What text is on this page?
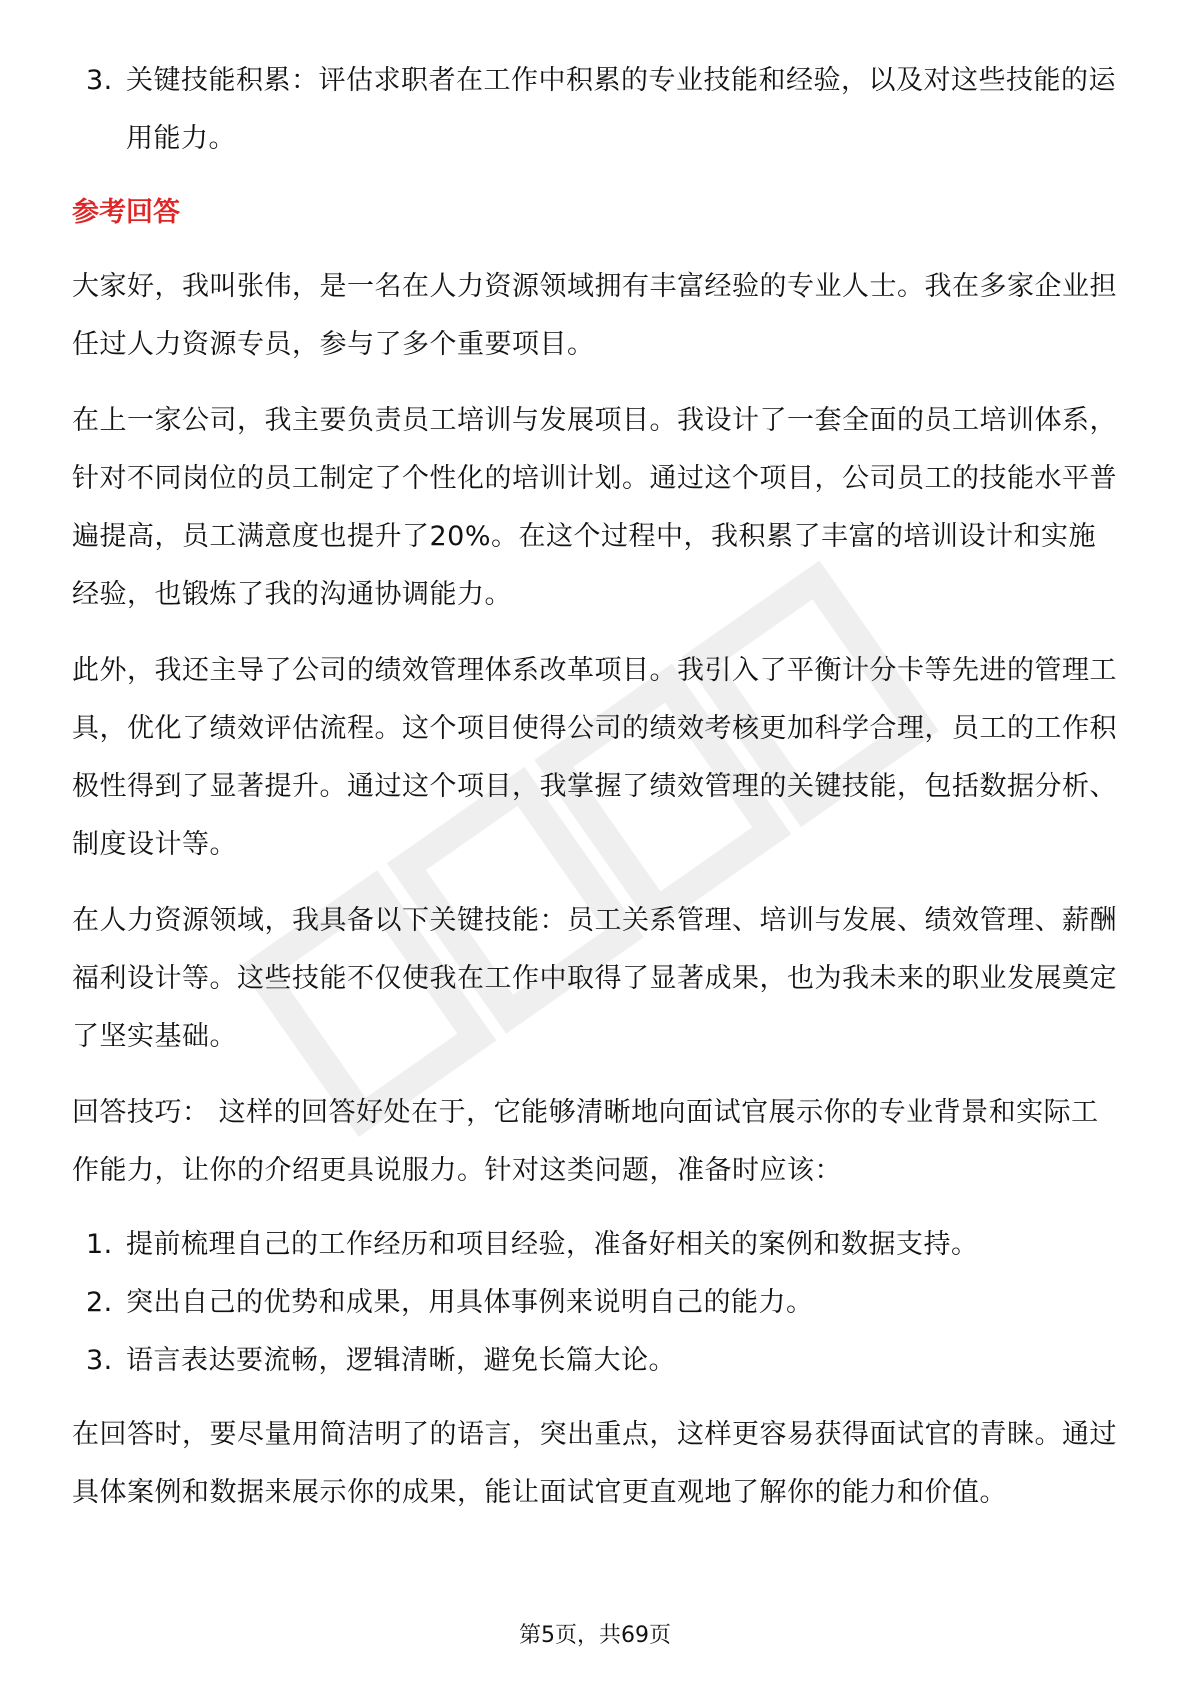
3. 关键技能积累：评估求职者在工作中积累的专业技能和经验，以及对这些技能的运用能力。

参考回答

大家好，我叫张伟，是一名在人力资源领域拥有丰富经验的专业人士。我在多家企业担任过人力资源专员，参与了多个重要项目。

在上一家公司，我主要负责员工培训与发展项目。我设计了一套全面的员工培训体系，针对不同岗位的员工制定了个性化的培训计划。通过这个项目，公司员工的技能水平普遍提高，员工满意度也提升了20%。在这个过程中，我积累了丰富的培训设计和实施经验，也锻炼了我的沟通协调能力。

此外，我还主导了公司的绩效管理体系改革项目。我引入了平衡计分卡等先进的管理工具，优化了绩效评估流程。这个项目使得公司的绩效考核更加科学合理，员工的工作积极性得到了显著提升。通过这个项目，我掌握了绩效管理的关键技能，包括数据分析、制度设计等。

在人力资源领域，我具备以下关键技能：员工关系管理、培训与发展、绩效管理、薪酬福利设计等。这些技能不仅使我在工作中取得了显著成果，也为我未来的职业发展奠定了坚实基础。

回答技巧： 这样的回答好处在于，它能够清晰地向面试官展示你的专业背景和实际工作能力，让你的介绍更具说服力。针对这类问题，准备时应该：

1. 提前梳理自己的工作经历和项目经验，准备好相关的案例和数据支持。
2. 突出自己的优势和成果，用具体事例来说明自己的能力。
3. 语言表达要流畅，逻辑清晰，避免长篇大论。

在回答时，要尽量用简洁明了的语言，突出重点，这样更容易获得面试官的青睐。通过具体案例和数据来展示你的成果，能让面试官更直观地了解你的能力和价值。

第5页，共69页
